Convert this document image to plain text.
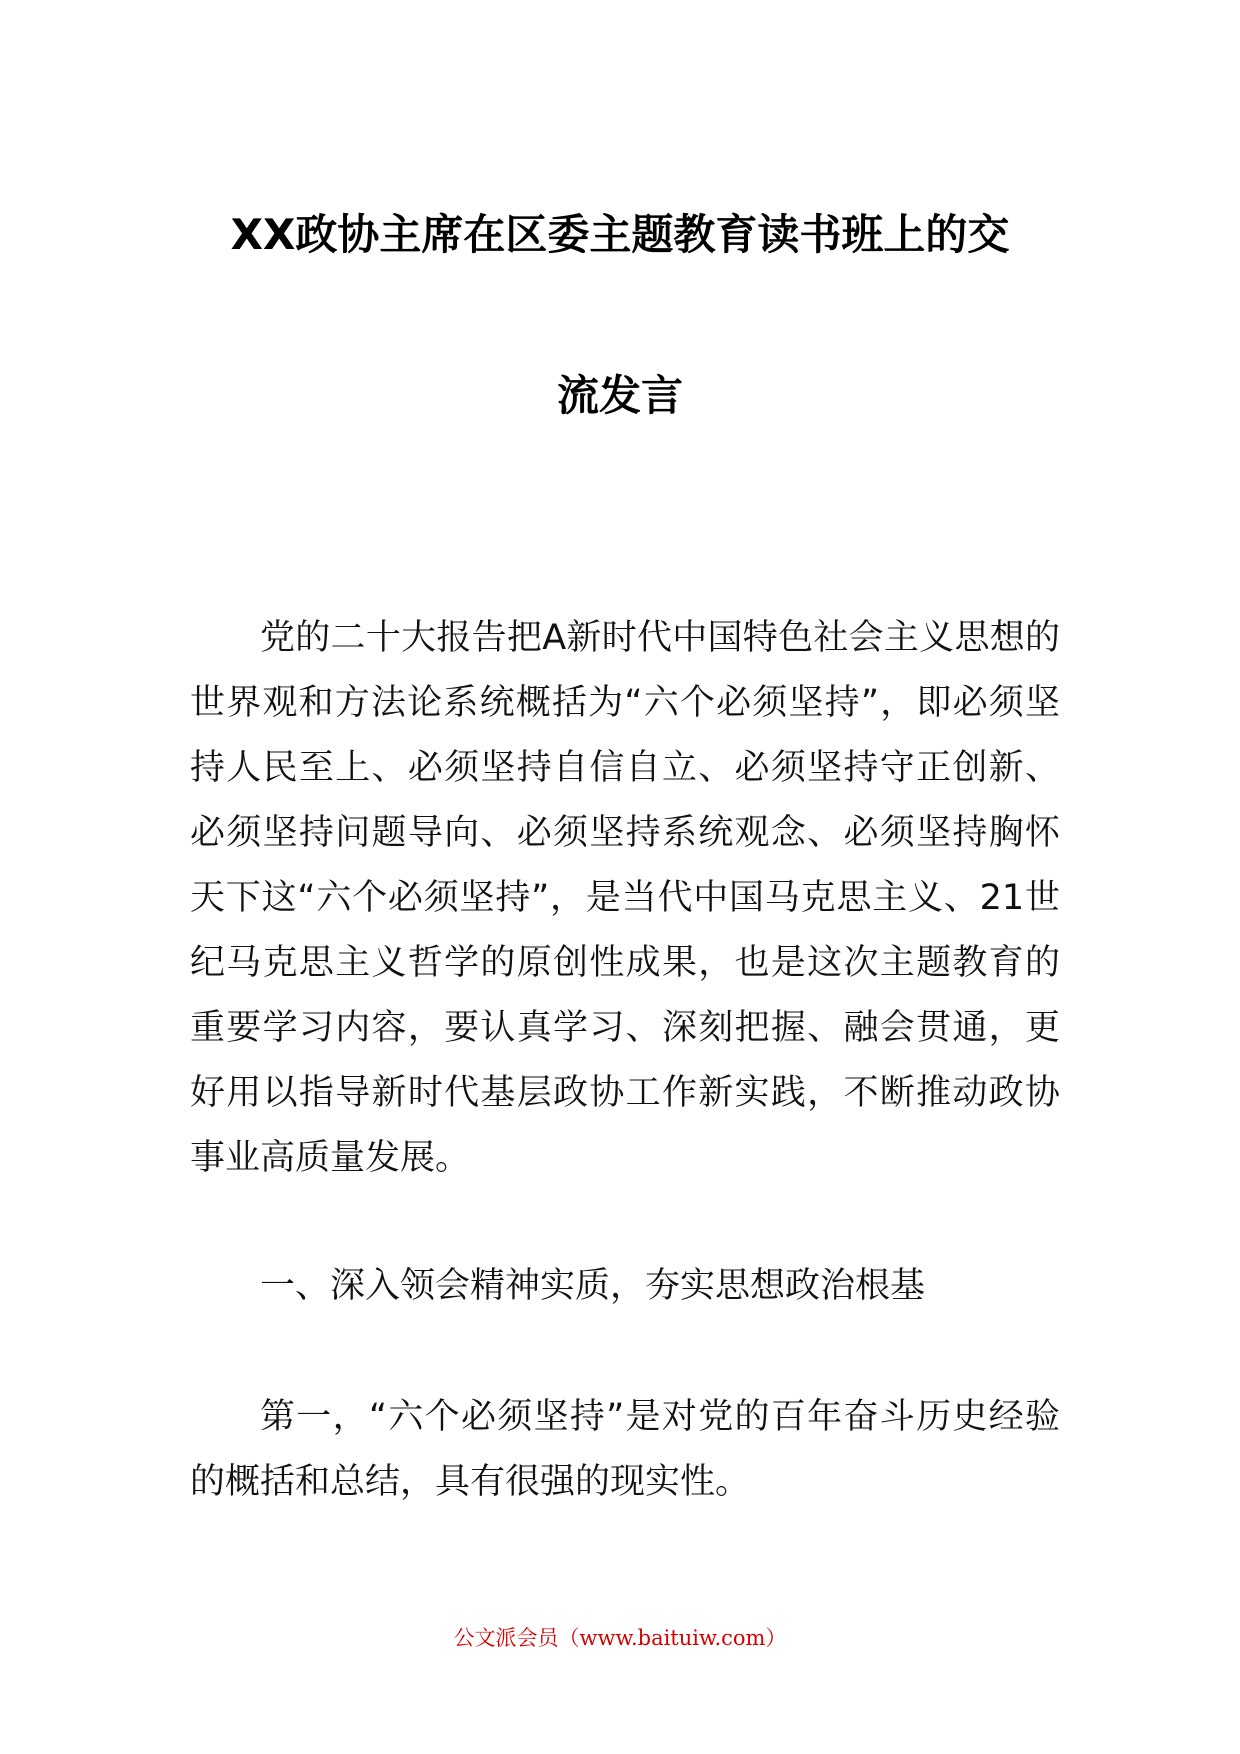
XX政协主席在区委主题教育读书班上的交
流发言

党的二十大报告把A新时代中国特色社会主义思想的世界观和方法论系统概括为“六个必须坚持”，即必须坚持人民至上、必须坚持自信自立、必须坚持守正创新、必须坚持问题导向、必须坚持系统观念、必须坚持胸怀天下这“六个必须坚持”，是当代中国马克思主义、21世纪马克思主义哲学的原创性成果，也是这次主题教育的重要学习内容，要认真学习、深刻把握、融会贯通，更好用以指导新时代基层政协工作新实践，不断推动政协事业高质量发展。

一、深入领会精神实质，夯实思想政治根基

第一，“六个必须坚持”是对党的百年奋斗历史经验的概括和总结，具有很强的现实性。

公文派会员（www.baituiw.com）
